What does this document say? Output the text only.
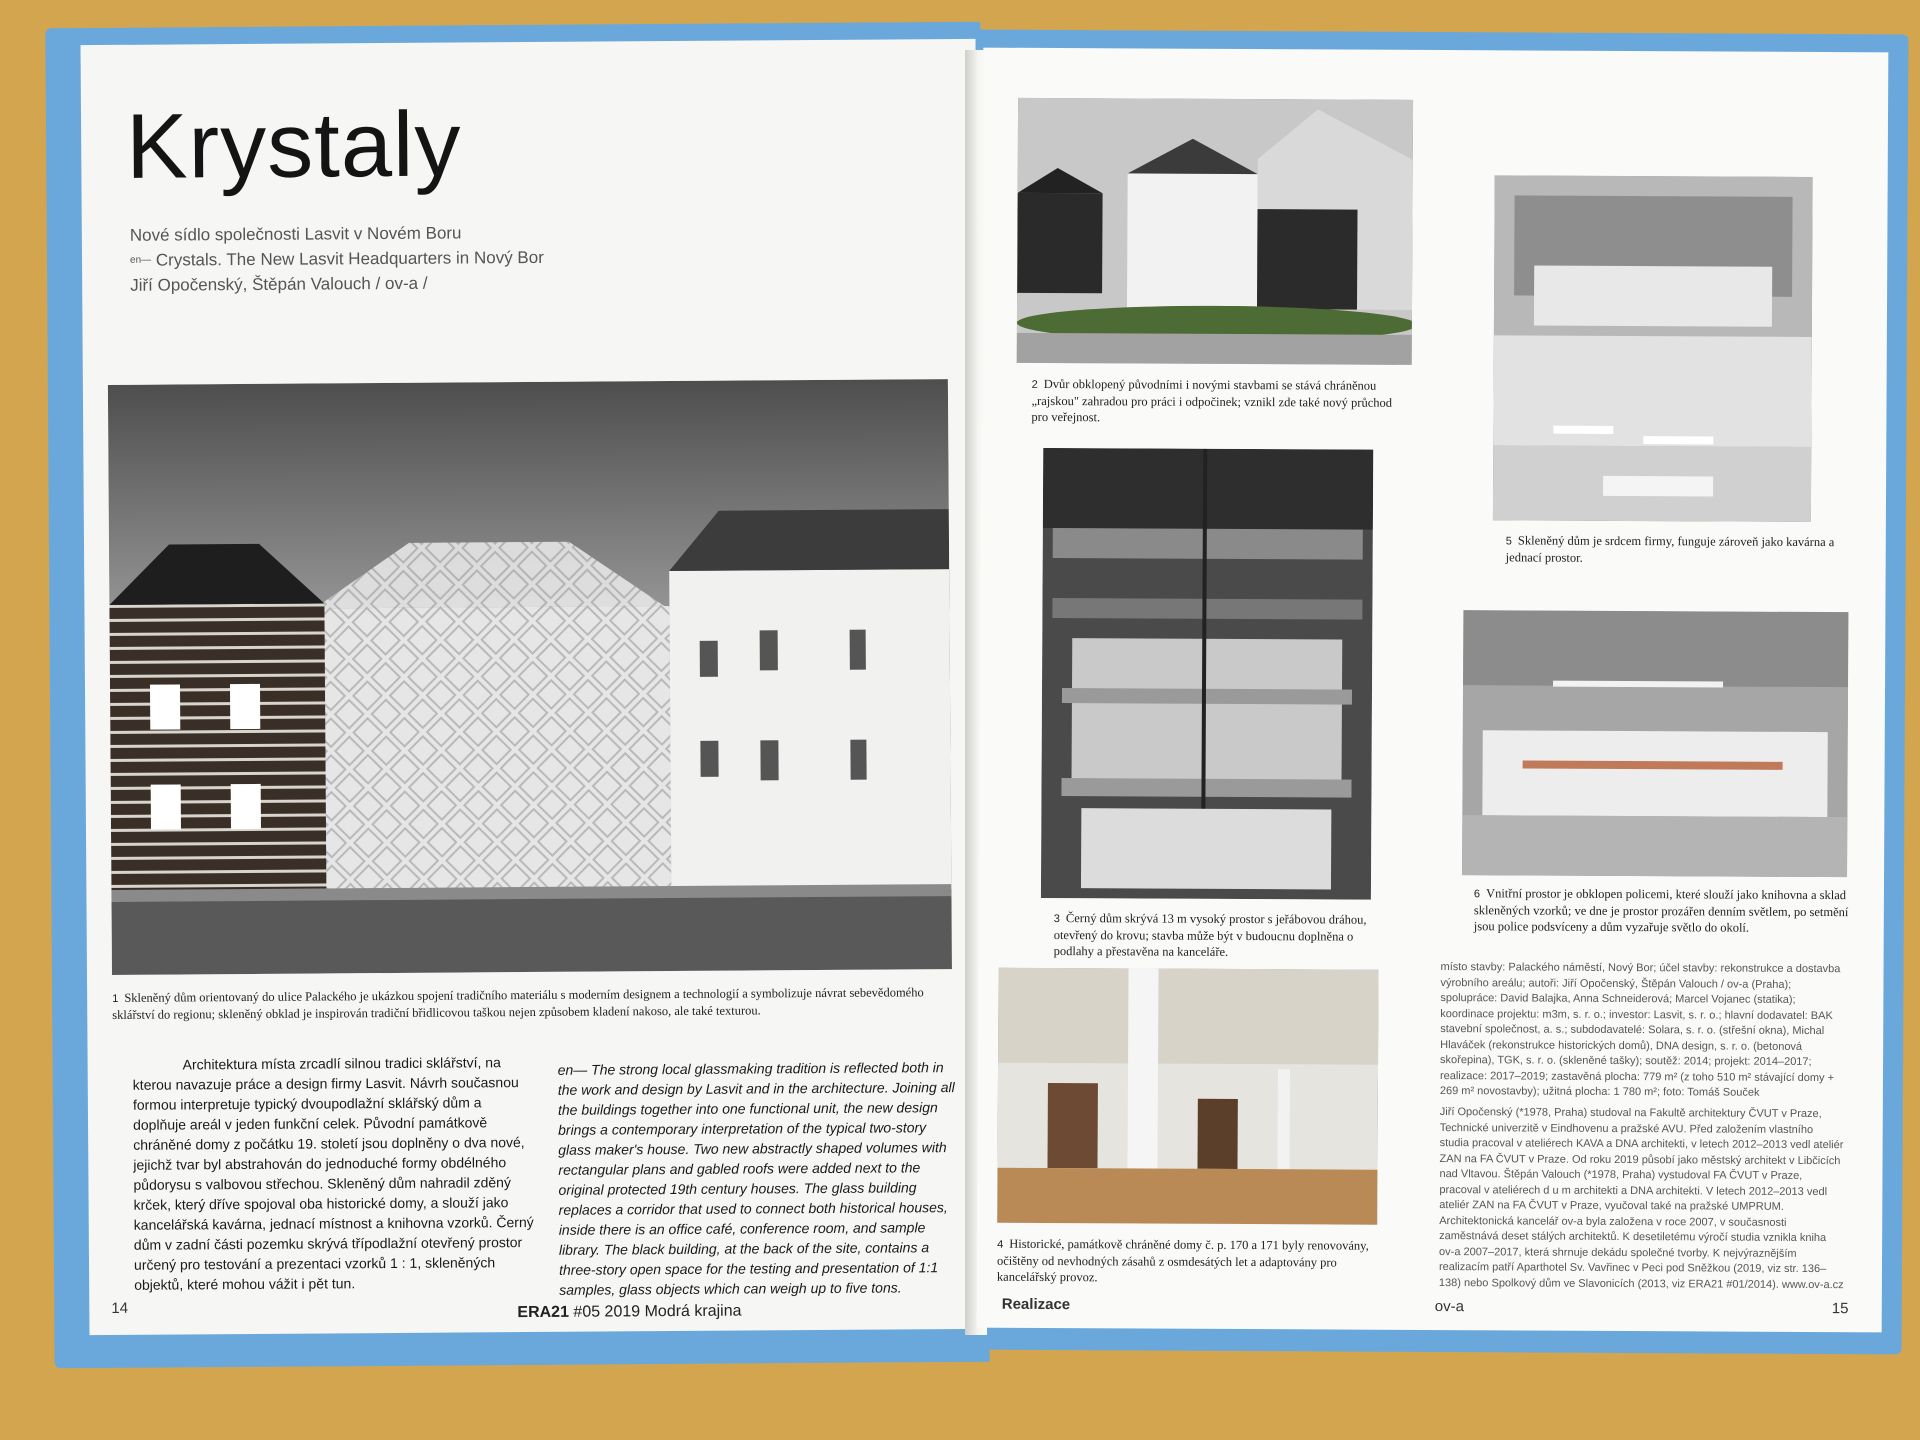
Krystaly
Nové sídlo společnosti Lasvit v Novém Boru
$^{en—}$ Crystals. The New Lasvit Headquarters in Nový Bor
Jiří Opočenský, Štěpán Valouch / ov-a /
1 Skleněný dům orientovaný do ulice Palackého je ukázkou spojení tradičního materiálu s moderním designem a technologií a symbolizuje návrat sebevědomého sklářství do regionu; skleněný obklad je inspirován tradiční břidlicovou taškou nejen způsobem kladení nakoso, ale také texturou.
Architektura místa zrcadlí silnou tradici sklářství, na kterou navazuje práce a design firmy Lasvit. Návrh současnou formou interpretuje typický dvoupodlažní sklářský dům a doplňuje areál v jeden funkční celek. Původní památkově chráněné domy z počátku 19. století jsou doplněny o dva nové, jejichž tvar byl abstrahován do jednoduché formy obdélného půdorysu s valbovou střechou. Skleněný dům nahradil zděný krček, který dříve spojoval oba historické domy, a slouží jako kancelářská kavárna, jednací místnost a knihovna vzorků. Černý dům v zadní části pozemku skrývá třípodlažní otevřený prostor určený pro testování a prezentaci vzorků 1 : 1, skleněných objektů, které mohou vážit i pět tun.
en— The strong local glassmaking tradition is reflected both in the work and design by Lasvit and in the architecture. Joining all the buildings together into one functional unit, the new design brings a contemporary interpretation of the typical two-story glass maker's house. Two new abstractly shaped volumes with rectangular plans and gabled roofs were added next to the original protected 19th century houses. The glass building replaces a corridor that used to connect both historical houses, inside there is an office café, conference room, and sample library. The black building, at the back of the site, contains a three-story open space for the testing and presentation of 1:1 samples, glass objects which can weigh up to five tons.
14	ERA21 #05 2019 Modrá krajina
2 Dvůr obklopený původními i novými stavbami se stává chráněnou „rajskou" zahradou pro práci i odpočinek; vznikl zde také nový průchod pro veřejnost.
5 Skleněný dům je srdcem firmy, funguje zároveň jako kavárna a jednací prostor.
3 Černý dům skrývá 13 m vysoký prostor s jeřábovou dráhou, otevřený do krovu; stavba může být v budoucnu doplněna o podlahy a přestavěna na kanceláře.
6 Vnitřní prostor je obklopen policemi, které slouží jako knihovna a sklad skleněných vzorků; ve dne je prostor prozářen denním světlem, po setmění jsou police podsvíceny a dům vyzařuje světlo do okolí.
4 Historické, památkově chráněné domy č. p. 170 a 171 byly renovovány, očištěny od nevhodných zásahů z osmdesátých let a adaptovány pro kancelářský provoz.
místo stavby: Palackého náměstí, Nový Bor; účel stavby: rekonstrukce a dostavba výrobního areálu; autoři: Jiří Opočenský, Štěpán Valouch / ov-a (Praha); spolupráce: David Balajka, Anna Schneiderová; Marcel Vojanec (statika); koordinace projektu: m3m, s. r. o.; investor: Lasvit, s. r. o.; hlavní dodavatel: BAK stavební společnost, a. s.; subdodavatelé: Solara, s. r. o. (střešní okna), Michal Hlaváček (rekonstrukce historických domů), DNA design, s. r. o. (betonová skořepina), TGK, s. r. o. (skleněné tašky); soutěž: 2014; projekt: 2014–2017; realizace: 2017–2019; zastavěná plocha: 779 m² (z toho 510 m² stávající domy + 269 m² novostavby); užitná plocha: 1 780 m²; foto: Tomáš Souček
Jiří Opočenský (*1978, Praha) studoval na Fakultě architektury ČVUT v Praze, Technické univerzitě v Eindhovenu a pražské AVU. Před založením vlastního studia pracoval v ateliérech KAVA a DNA architekti, v letech 2012–2013 vedl ateliér ZAN na FA ČVUT v Praze. Od roku 2019 působí jako městský architekt v Libčicích nad Vltavou. Štěpán Valouch (*1978, Praha) vystudoval FA ČVUT v Praze, pracoval v ateliérech d u m architekti a DNA architekti. V letech 2012–2013 vedl ateliér ZAN na FA ČVUT v Praze, vyučoval také na pražské UMPRUM. Architektonická kancelář ov-a byla založena v roce 2007, v současnosti zaměstnává deset stálých architektů. K desetiletému výročí studia vznikla kniha ov-a 2007–2017, která shrnuje dekádu společné tvorby. K nejvýraznějším realizacím patří Aparthotel Sv. Vavřinec v Peci pod Sněžkou (2019, viz str. 136–138) nebo Spolkový dům ve Slavonicích (2013, viz ERA21 #01/2014). www.ov-a.cz
Realizace	ov-a	15
